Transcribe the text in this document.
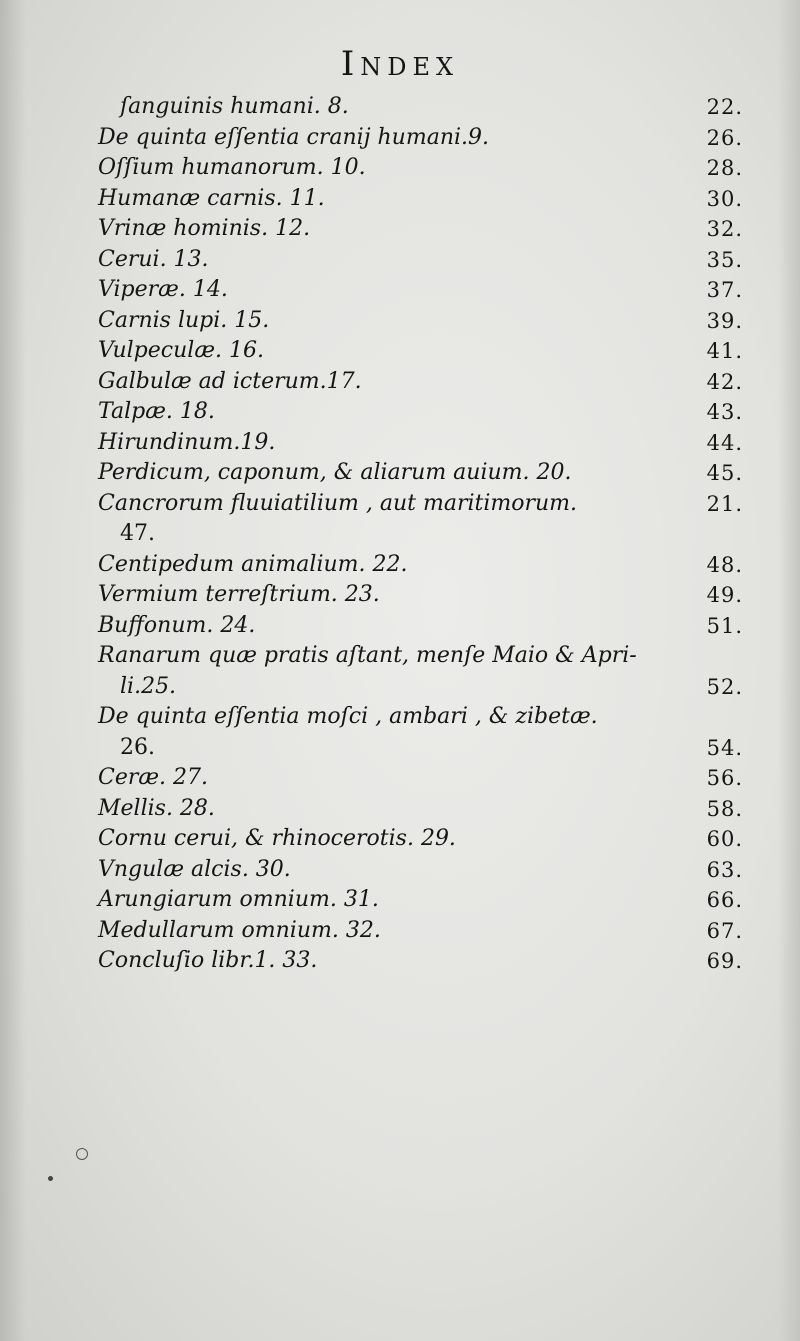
Index
ſanguinis humani. 8.	22.
De quinta eſſentia cranij humani.9.	26.
Oſſium humanorum. 10.	28.
Humanæ carnis. 11.	30.
Vrinæ hominis. 12.	32.
Cerui. 13.	35.
Viperæ. 14.	37.
Carnis lupi. 15.	39.
Vulpeculæ. 16.	41.
Galbulæ ad icterum.17.	42.
Talpæ. 18.	43.
Hirundinum.19.	44.
Perdicum, caponum, & aliarum auium. 20.	45.
Cancrorum fluuiatilium , aut maritimorum.	21.
47.
Centipedum animalium. 22.	48.
Vermium terreſtrium. 23.	49.
Buffonum. 24.	51.
Ranarum quæ pratis aſtant, menſe Maio & Apri-
li.25.	52.
De quinta eſſentia moſci , ambari , & zibetæ.
26.	54.
Ceræ. 27.	56.
Mellis. 28.	58.
Cornu cerui, & rhinocerotis. 29.	60.
Vngulæ alcis. 30.	63.
Arungiarum omnium. 31.	66.
Medullarum omnium. 32.	67.
Concluſio libr.1. 33.	69.
